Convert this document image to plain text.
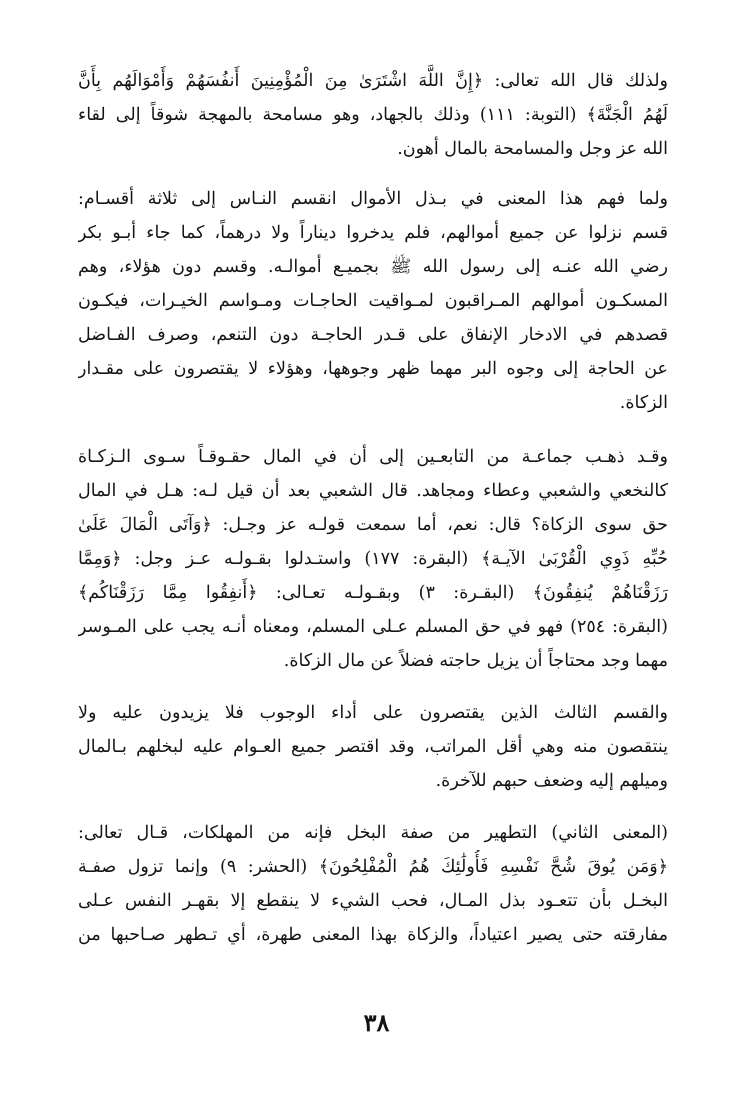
ولذلك قال الله تعالى: ﴿إِنَّ اللَّهَ اشْتَرَىٰ مِنَ الْمُؤْمِنِينَ أَنفُسَهُمْ وَأَمْوَالَهُم بِأَنَّ
لَهُمُ الْجَنَّةَ﴾ (التوبة: ١١١) وذلك بالجهاد، وهو مسامحة بالمهجة شوقاً إلى لقاء
الله عز وجل والمسامحة بالمال أهون.
ولما فهم هذا المعنى في بـذل الأموال انقسم النـاس إلى ثلاثة أقسـام:
قسم نزلوا عن جميع أموالهم، فلم يدخروا ديناراً ولا درهماً، كما جاء أبـو بكر
رضي الله عنـه إلى رسول الله ﷺ بجميـع أموالـه. وقسم دون هؤلاء، وهم
المسكـون أموالهم المـراقبون لمـواقيت الحاجـات ومـواسم الخيـرات، فيكـون
قصدهم في الادخار الإنفاق على قـدر الحاجـة دون التنعم، وصرف الفـاضل
عن الحاجة إلى وجوه البر مهما ظهر وجوهها، وهؤلاء لا يقتصرون على مقـدار
الزكاة.
وقـد ذهـب جماعـة من التابعـين إلى أن في المال حقـوقـاً سـوى الـزكـاة
كالنخعي والشعبي وعطاء ومجاهد. قال الشعبي بعد أن قيل لـه: هـل في المال
حق سوى الزكاة؟ قال: نعم، أما سمعت قولـه عز وجـل: ﴿وَآتَى الْمَالَ عَلَىٰ
حُبِّهِ ذَوِي الْقُرْبَىٰ الآيـة﴾ (البقرة: ١٧٧) واستـدلوا بقـولـه عـز وجل: ﴿وَمِمَّا
رَزَقْنَاهُمْ يُنفِقُونَ﴾ (البقـرة: ٣) وبقـولـه تعـالى: ﴿أَنفِقُوا مِمَّا رَزَقْنَاكُم﴾
(البقرة: ٢٥٤) فهو في حق المسلم عـلى المسلم، ومعناه أنـه يجب على المـوسر
مهما وجد محتاجاً أن يزيل حاجته فضلاً عن مال الزكاة.
والقسم الثالث الذين يقتصرون على أداء الوجوب فلا يزيدون عليه ولا
ينتقصون منه وهي أقل المراتب، وقد اقتصر جميع العـوام عليه لبخلهم بـالمال
وميلهم إليه وضعف حبهم للآخرة.
(المعنى الثاني) التطهير من صفة البخل فإنه من المهلكات، قـال تعالى:
﴿وَمَن يُوقَ شُحَّ نَفْسِهِ فَأُولَٰئِكَ هُمُ الْمُفْلِحُونَ﴾ (الحشر: ٩) وإنما تزول صفـة
البخـل بأن تتعـود بذل المـال، فحب الشيء لا ينقطع إلا بقهـر النفس عـلى
مفارقته حتى يصير اعتياداً، والزكاة بهذا المعنى طهرة، أي تـطهر صـاحبها من
٣٨
